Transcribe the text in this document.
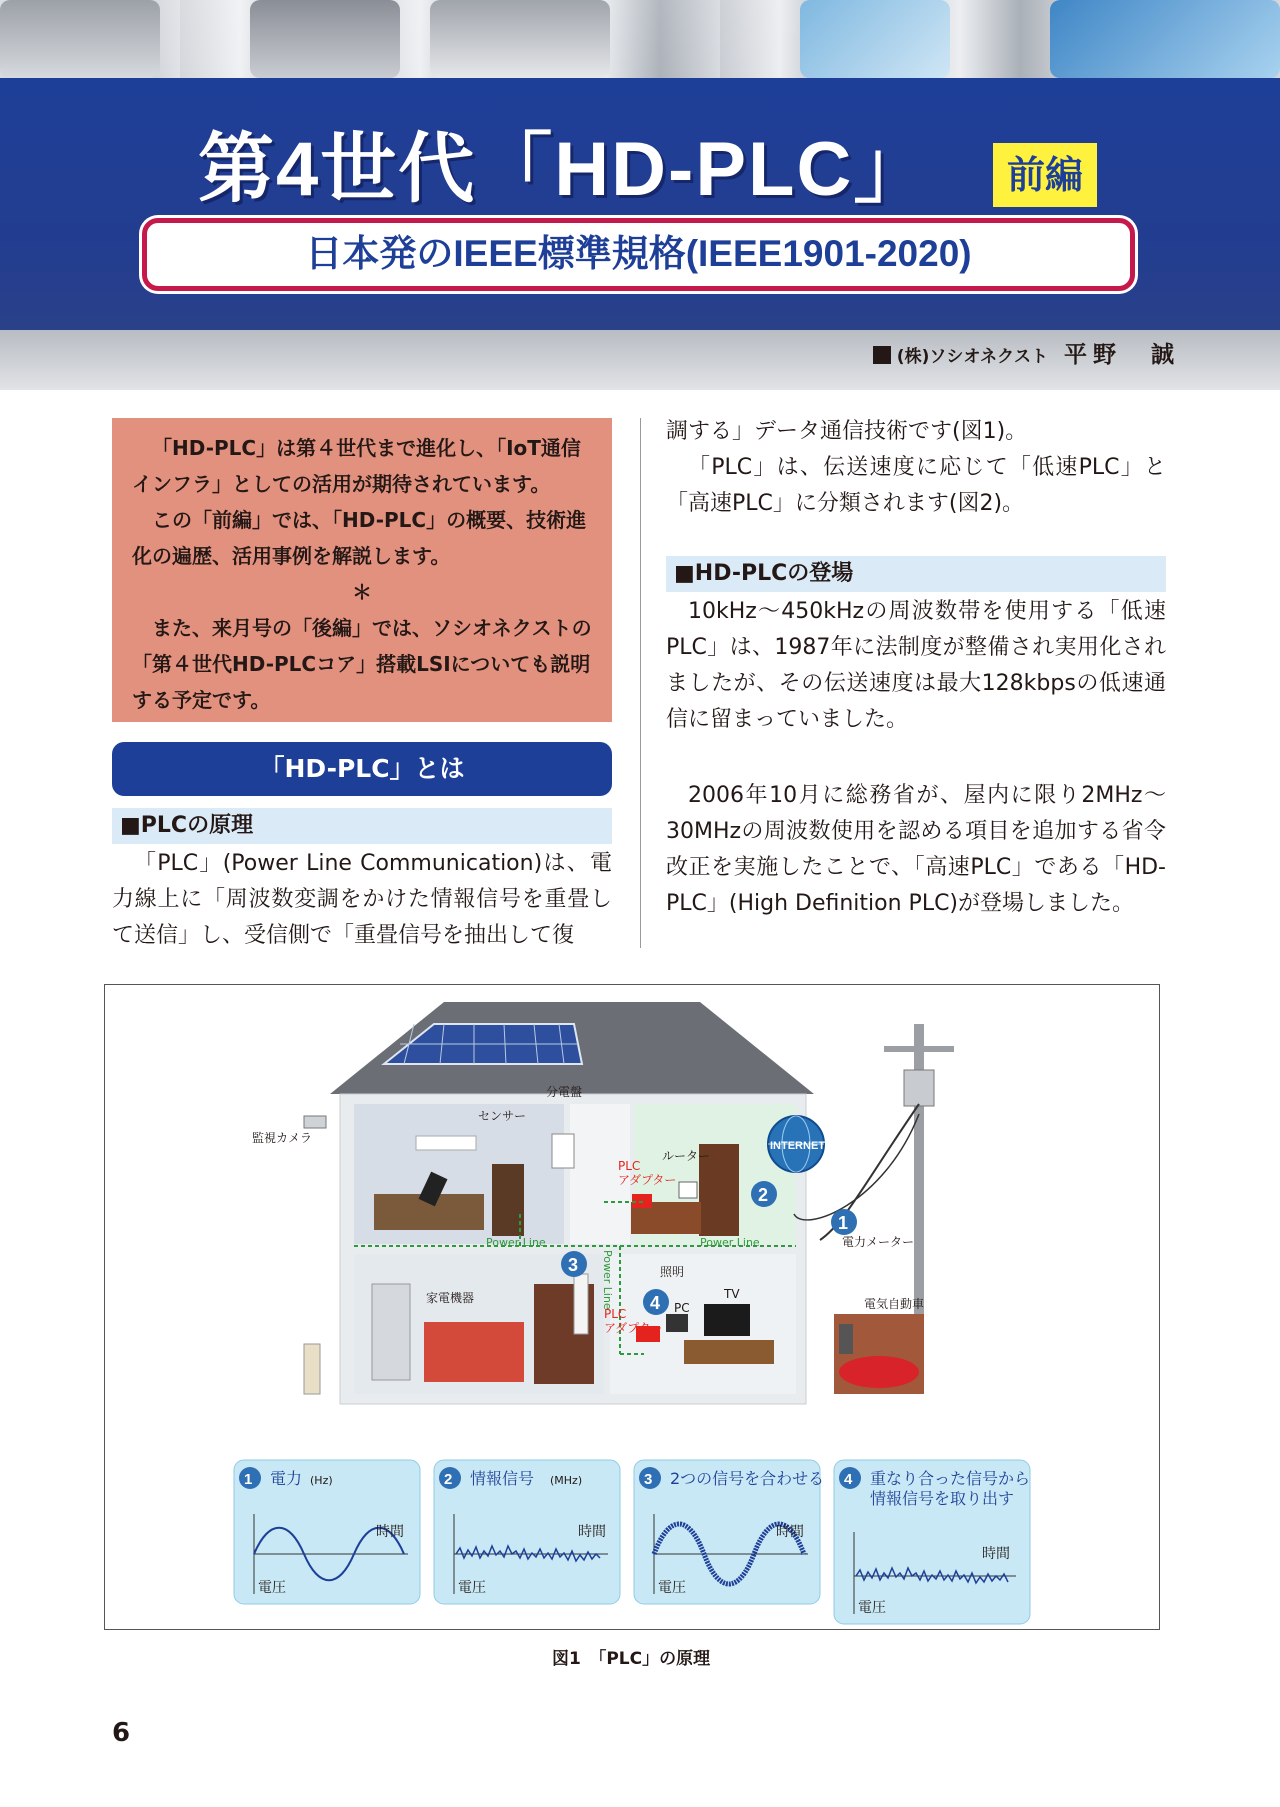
第4世代「HD-PLC」	前編
日本発のIEEE標準規格(IEEE1901-2020)
(株)ソシオネクスト 平野　誠

「HD-PLC」は第４世代まで進化し、「IoT通信インフラ」としての活用が期待されています。

この「前編」では、「HD-PLC」の概要、技術進化の遍歴、活用事例を解説します。

＊

また、来月号の「後編」では、ソシオネクストの「第４世代HD-PLCコア」搭載LSIについても説明する予定です。

「HD-PLC」とは
■PLCの原理

「PLC」(Power Line Communication)は、電力線上に「周波数変調をかけた情報信号を重畳して送信」し、受信側で「重畳信号を抽出して復

調する」データ通信技術です(図1)。

「PLC」は、伝送速度に応じて「低速PLC」と「高速PLC」に分類されます(図2)。

■HD-PLCの登場

10kHz〜450kHzの周波数帯を使用する「低速PLC」は、1987年に法制度が整備され実用化されましたが、その伝送速度は最大128kbpsの低速通信に留まっていました。

2006年10月に総務省が、屋内に限り2MHz〜30MHzの周波数使用を認める項目を追加する省令改正を実施したことで、「高速PLC」である「HD-PLC」(High Definition PLC)が登場しました。

INTERNET
1
2
3
4
監視カメラ
センサー
分電盤
PLC
アダプター
ルーター
電力メーター
Power Line	Power Line
Power Line
家電機器
照明
TV
PC
PLC
アダプター
電気自動車
1 電力 (Hz)
時間
電圧
2 情報信号 (MHz)
時間
電圧
3 2つの信号を合わせる
時間
電圧
4 重なり合った信号から
情報信号を取り出す
時間
電圧
図1　「PLC」の原理
6
